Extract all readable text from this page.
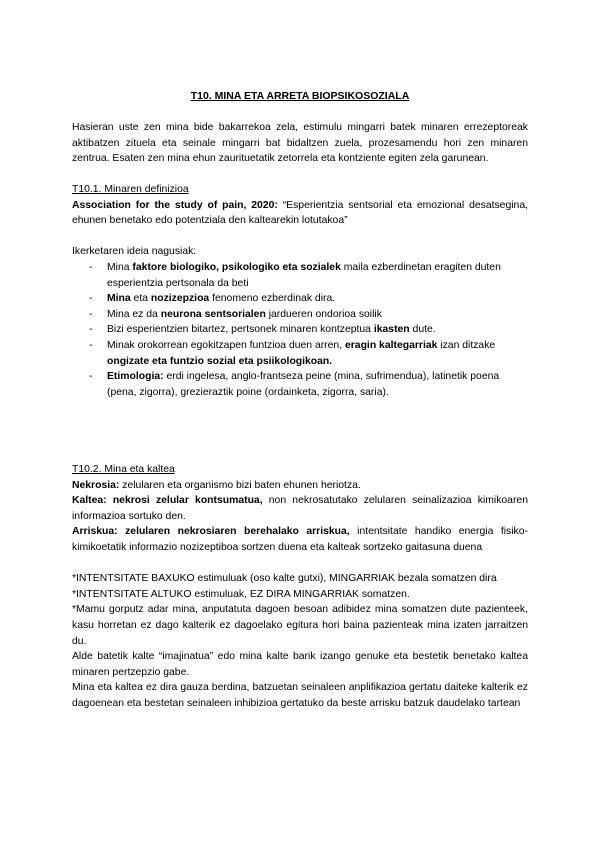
T10. MINA ETA ARRETA BIOPSIKOSOZIALA
Hasieran uste zen mina bide bakarrekoa zela, estimulu mingarri batek minaren errezeptoreak aktibatzen zituela eta seinale mingarri bat bidaltzen zuela, prozesamendu hori zen minaren zentrua. Esaten zen mina ehun zaurituetatik zetorrela eta kontziente egiten zela garunean.

T10.1. Minaren definizioa

Association for the study of pain, 2020: “Esperientzia sentsorial eta emozional desatsegina, ehunen benetako edo potentziala den kaltearekin lotutakoa”

Ikerketaren ideia nagusiak:

- Mina faktore biologiko, psikologiko eta sozialek maila ezberdinetan eragiten duten esperientzia pertsonala da beti
- Mina eta nozizepzioa fenomeno ezberdinak dira.
- Mina ez da neurona sentsorialen jardueren ondorioa soilik
- Bizi esperientzien bitartez, pertsonek minaren kontzeptua ikasten dute.
- Minak orokorrean egokitzapen funtzioa duen arren, eragin kaltegarriak izan ditzake ongizate eta funtzio sozial eta psiikologikoan.
- Etimologia: erdi ingelesa, anglo-frantseza peine (mina, sufrimendua), latinetik poena (pena, zigorra), grezieraztik poine (ordainketa, zigorra, saria).

T10.2. Mina eta kaltea

Nekrosia: zelularen eta organismo bizi baten ehunen heriotza.

Kaltea: nekrosi zelular kontsumatua, non nekrosatutako zelularen seinalizazioa kimikoaren informazioa sortuko den.

Arriskua: zelularen nekrosiaren berehalako arriskua, intentsitate handiko energia fisiko-kimikoetatik informazio nozizeptiboa sortzen duena eta kalteak sortzeko gaitasuna duena

*INTENTSITATE BAXUKO estimuluak (oso kalte gutxi), MINGARRIAK bezala somatzen dira

*INTENTSITATE ALTUKO estimuluak, EZ DIRA MINGARRIAK somatzen.

*Mamu gorputz adar mina, anputatuta dagoen besoan adibidez mina somatzen dute pazienteek, kasu horretan ez dago kalterik ez dagoelako egitura hori baina pazienteak mina izaten jarraitzen du.

Alde batetik kalte “imajinatua” edo mina kalte barik izango genuke eta bestetik benetako kaltea minaren pertzepzio gabe.

Mina eta kaltea ez dira gauza berdina, batzuetan seinaleen anplifikazioa gertatu daiteke kalterik ez dagoenean eta bestetan seinaleen inhibizioa gertatuko da beste arrisku batzuk daudelako tartean
